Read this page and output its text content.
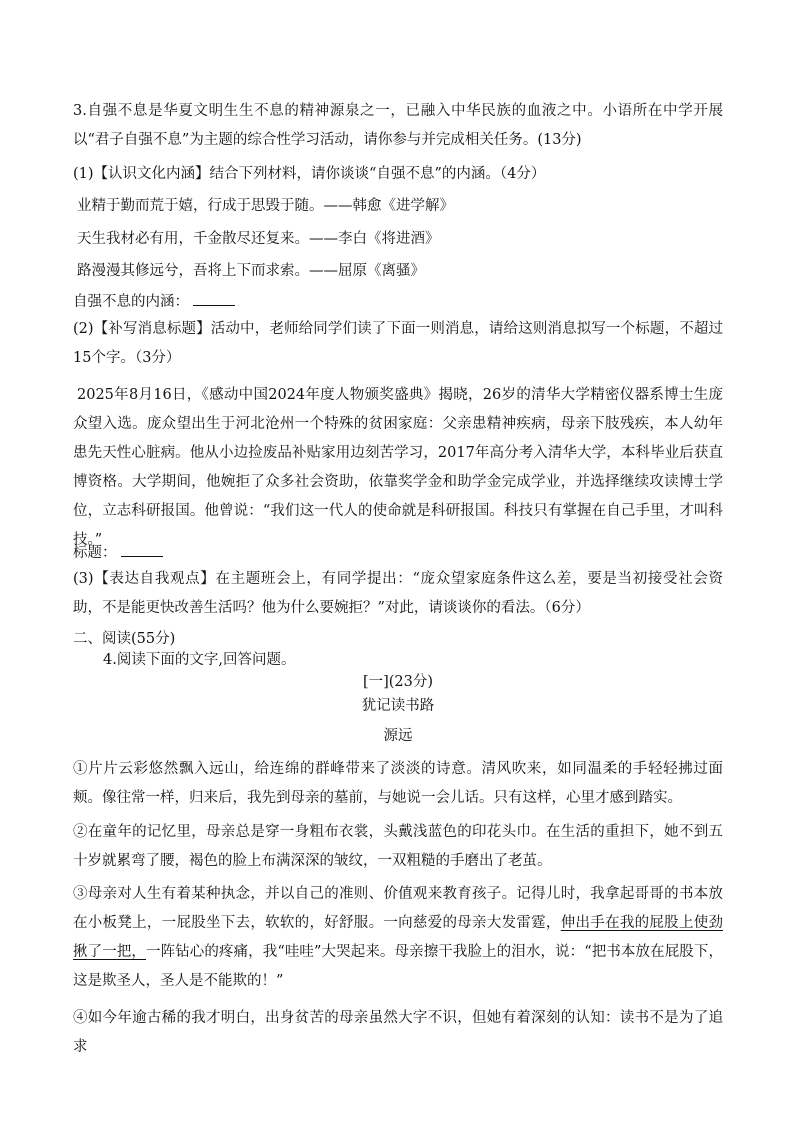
3.自强不息是华夏文明生生不息的精神源泉之一，已融入中华民族的血液之中。小语所在中学开展以“君子自强不息”为主题的综合性学习活动，请你参与并完成相关任务。(13分)

(1)【认识文化内涵】结合下列材料，请你谈谈“自强不息”的内涵。（4分）
业精于勤而荒于嬉，行成于思毁于随。——韩愈《进学解》
天生我材必有用，千金散尽还复来。——李白《将进酒》
路漫漫其修远兮，吾将上下而求索。——屈原《离骚》
自强不息的内涵：

(2)【补写消息标题】活动中，老师给同学们读了下面一则消息，请给这则消息拟写一个标题，不超过15个字。（3分）

2025年8月16日，《感动中国2024年度人物颁奖盛典》揭晓，26岁的清华大学精密仪器系博士生庞众望入选。庞众望出生于河北沧州一个特殊的贫困家庭：父亲患精神疾病，母亲下肢残疾，本人幼年患先天性心脏病。他从小边捡废品补贴家用边刻苦学习，2017年高分考入清华大学，本科毕业后获直博资格。大学期间，他婉拒了众多社会资助，依靠奖学金和助学金完成学业，并选择继续攻读博士学位，立志科研报国。他曾说：“我们这一代人的使命就是科研报国。科技只有掌握在自己手里，才叫科技。”

标题：

(3)【表达自我观点】在主题班会上，有同学提出：“庞众望家庭条件这么差，要是当初接受社会资助，不是能更快改善生活吗？他为什么要婉拒？”对此，请谈谈你的看法。（6分）

二、阅读(55分)
4.阅读下面的文字,回答问题。
[一](23分)
犹记读书路
源远

①片片云彩悠然飘入远山，给连绵的群峰带来了淡淡的诗意。清风吹来，如同温柔的手轻轻拂过面颊。像往常一样，归来后，我先到母亲的墓前，与她说一会儿话。只有这样，心里才感到踏实。

②在童年的记忆里，母亲总是穿一身粗布衣裳，头戴浅蓝色的印花头巾。在生活的重担下，她不到五十岁就累弯了腰，褐色的脸上布满深深的皱纹，一双粗糙的手磨出了老茧。

③母亲对人生有着某种执念，并以自己的准则、价值观来教育孩子。记得儿时，我拿起哥哥的书本放在小板凳上，一屁股坐下去，软软的，好舒服。一向慈爱的母亲大发雷霆，伸出手在我的屁股上使劲揪了一把，一阵钻心的疼痛，我“哇哇”大哭起来。母亲擦干我脸上的泪水，说：“把书本放在屁股下，这是欺圣人，圣人是不能欺的！”

④如今年逾古稀的我才明白，出身贫苦的母亲虽然大字不识，但她有着深刻的认知：读书不是为了追求
